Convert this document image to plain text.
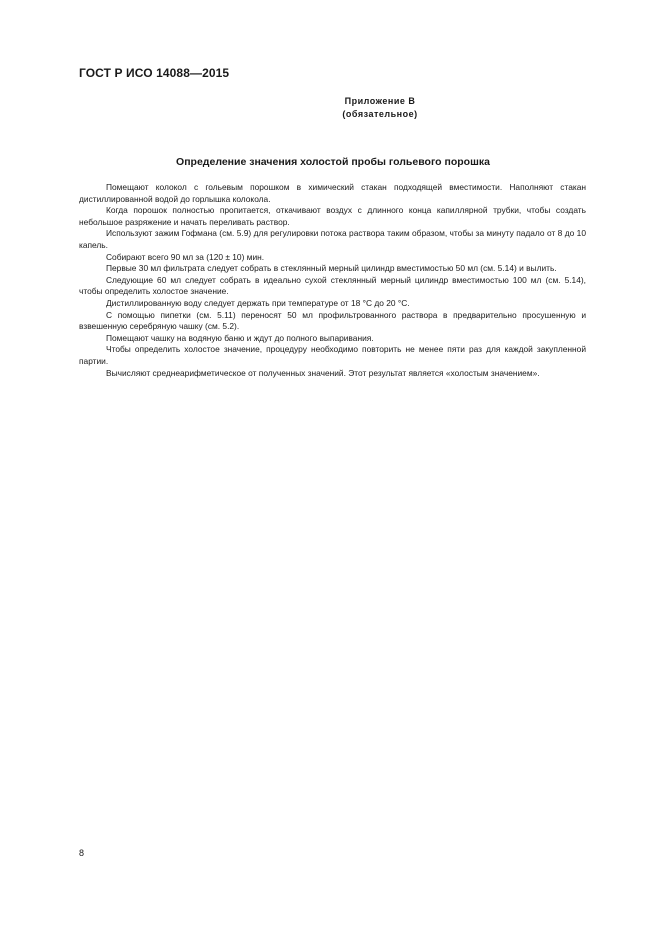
ГОСТ Р ИСО 14088—2015
Приложение В
(обязательное)
Определение значения холостой пробы гольевого порошка

Помещают колокол с гольевым порошком в химический стакан подходящей вместимости. Наполняют стакан дистиллированной водой до горлышка колокола.

Когда порошок полностью пропитается, откачивают воздух с длинного конца капиллярной трубки, чтобы создать небольшое разряжение и начать переливать раствор.

Используют зажим Гофмана (см. 5.9) для регулировки потока раствора таким образом, чтобы за минуту падало от 8 до 10 капель.

Собирают всего 90 мл за (120 ± 10) мин.

Первые 30 мл фильтрата следует собрать в стеклянный мерный цилиндр вместимостью 50 мл (см. 5.14) и вылить.

Следующие 60 мл следует собрать в идеально сухой стеклянный мерный цилиндр вместимостью 100 мл (см. 5.14), чтобы определить холостое значение.

Дистиллированную воду следует держать при температуре от 18 °С до 20 °С.

С помощью пипетки (см. 5.11) переносят 50 мл профильтрованного раствора в предварительно просушенную и взвешенную серебряную чашку (см. 5.2).

Помещают чашку на водяную баню и ждут до полного выпаривания.

Чтобы определить холостое значение, процедуру необходимо повторить не менее пяти раз для каждой закупленной партии.

Вычисляют среднеарифметическое от полученных значений. Этот результат является «холостым значением».

8
